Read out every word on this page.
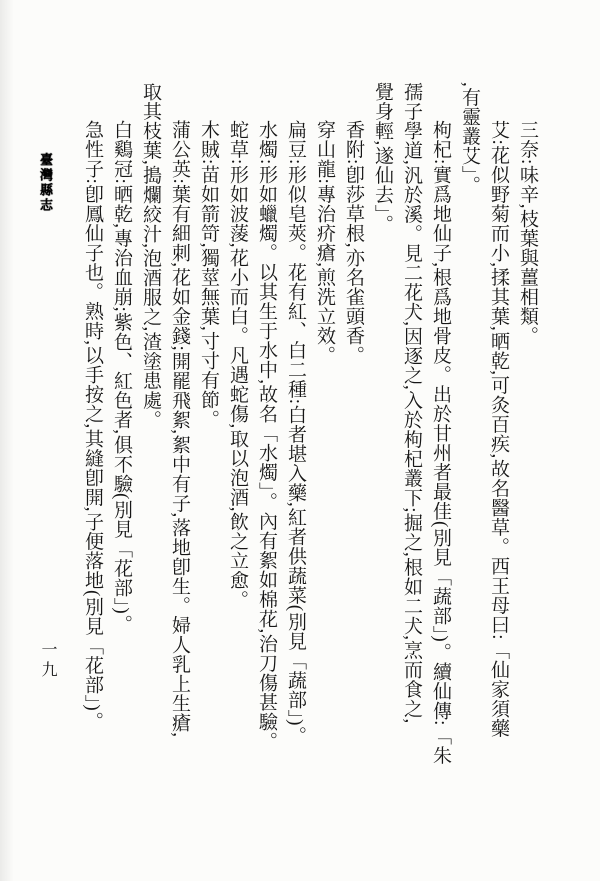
臺灣縣志	三奈:味辛,枝葉與薑相類。

艾:花似野菊而小,揉其葉,晒乾,可灸百疾,故名醫草。西王母曰:「仙家須藥

,有靈叢艾」。

枸杞:實爲地仙子,根爲地骨皮。出於甘州者最佳(別見「蔬部」)。續仙傳:「朱

孺子學道,汎於溪。見二花犬,因逐之,入於枸杞叢下;掘之,根如二犬,烹而食之,

覺身輕,遂仙去」。

香附:卽莎草根,亦名雀頭香。

穿山龍:專治疥瘡,煎洗立效。

扁豆:形似皂莢。花有紅、白二種:白者堪入藥,紅者供蔬菜(別見「蔬部」)。

水燭:形如蠟燭。以其生于水中,故名「水燭」。內有絮如棉花,治刀傷甚驗。

蛇草:形如波蔆,花小而白。凡遇蛇傷,取以泡酒,飲之立愈。

木賊:苗如箭笴,獨莖無葉,寸寸有節。

蒲公英:葉有細刺,花如金錢;開罷飛絮,絮中有子,落地卽生。婦人乳上生瘡,

取其枝葉,搗爛絞汁,泡酒服之,渣塗患處。

白鷄冠:晒乾,專治血崩;紫色、紅色者,俱不驗(別見「花部」)。

急性子:卽鳳仙子也。熟時,以手按之,其縫卽開,子便落地(別見「花部」)。

一九
